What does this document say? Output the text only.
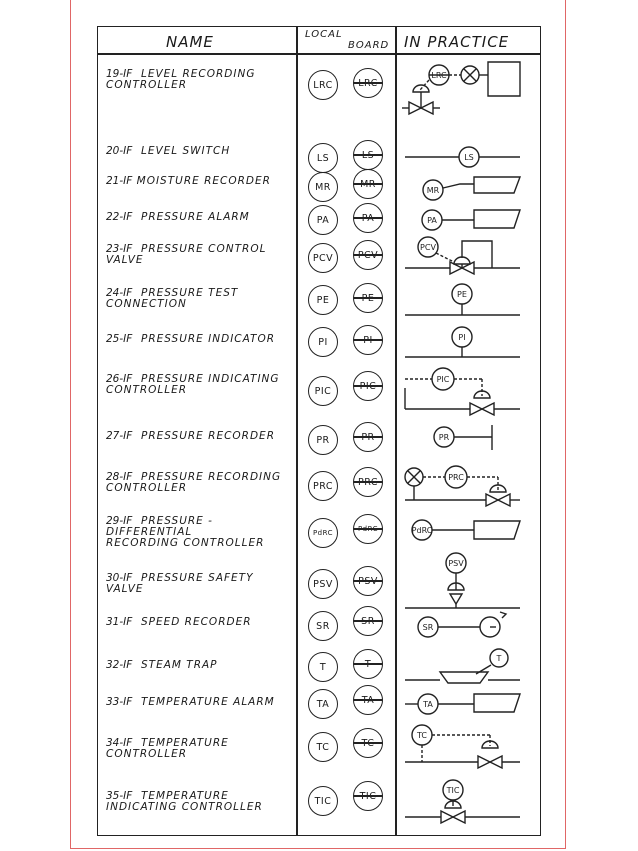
NAME	LOCAL
BOARD IN PRACTICE
19-IF LEVEL RECORDING
CONTROLLER
20-IF LEVEL SWITCH
21-IF MOISTURE RECORDER
22-IF PRESSURE ALARM
23-IF PRESSURE CONTROL
VALVE
24-IF PRESSURE TEST
CONNECTION
25-IF PRESSURE INDICATOR
26-IF PRESSURE INDICATING
CONTROLLER
27-IF PRESSURE RECORDER
28-IF PRESSURE RECORDING
CONTROLLER
29-IF PRESSURE - DIFFERENTIAL
RECORDING CONTROLLER
30-IF PRESSURE SAFETY
VALVE
31-IF SPEED RECORDER
32-IF STEAM TRAP
33-IF TEMPERATURE ALARM
34-IF TEMPERATURE
CONTROLLER
35-IF TEMPERATURE
INDICATING CONTROLLER
LRC
LS
MR
PA
PCV
PE
PI
PIC
PR
PRC
PdRC
PSV
SR
T
TA
TC
TIC
LRC
LS
MR
PA
PCV
PE
PI
PIC
PR
PRC
PdRC
PSV
SR
T
TA
TC
TIC
